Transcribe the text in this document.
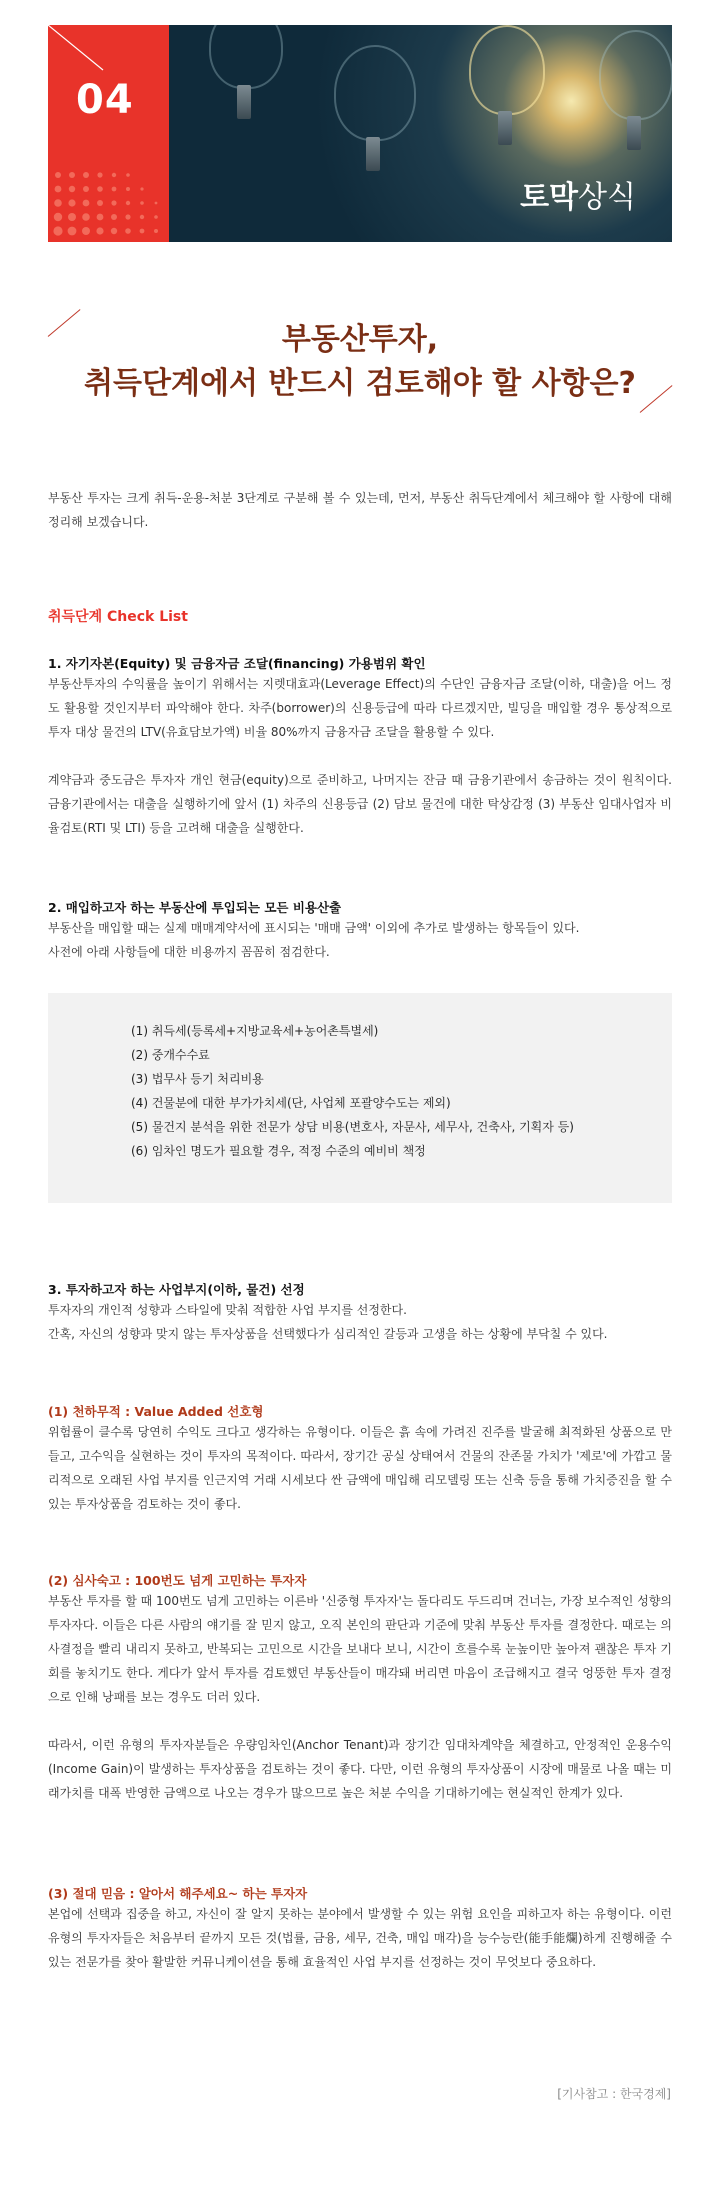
04
토막상식
부동산투자,
취득단계에서 반드시 검토해야 할 사항은?

부동산 투자는 크게 취득-운용-처분 3단계로 구분해 볼 수 있는데, 먼저, 부동산 취득단계에서 체크해야 할 사항에 대해 정리해 보겠습니다.

취득단계 Check List

1. 자기자본(Equity) 및 금융자금 조달(financing) 가용범위 확인

부동산투자의 수익률을 높이기 위해서는 지렛대효과(Leverage Effect)의 수단인 금융자금 조달(이하, 대출)을 어느 정도 활용할 것인지부터 파악해야 한다. 차주(borrower)의 신용등급에 따라 다르겠지만, 빌딩을 매입할 경우 통상적으로 투자 대상 물건의 LTV(유효담보가액) 비율 80%까지 금융자금 조달을 활용할 수 있다.

계약금과 중도금은 투자자 개인 현금(equity)으로 준비하고, 나머지는 잔금 때 금융기관에서 송금하는 것이 원칙이다. 금융기관에서는 대출을 실행하기에 앞서 (1) 차주의 신용등급 (2) 담보 물건에 대한 탁상감정 (3) 부동산 임대사업자 비율검토(RTI 및 LTI) 등을 고려해 대출을 실행한다.

2. 매입하고자 하는 부동산에 투입되는 모든 비용산출

부동산을 매입할 때는 실제 매매계약서에 표시되는 '매매 금액' 이외에 추가로 발생하는 항목들이 있다.

사전에 아래 사항들에 대한 비용까지 꼼꼼히 점검한다.

(1) 취득세(등록세+지방교육세+농어촌특별세)
(2) 중개수수료
(3) 법무사 등기 처리비용
(4) 건물분에 대한 부가가치세(단, 사업체 포괄양수도는 제외)
(5) 물건지 분석을 위한 전문가 상담 비용(변호사, 자문사, 세무사, 건축사, 기획자 등)
(6) 임차인 명도가 필요할 경우, 적정 수준의 예비비 책정

3. 투자하고자 하는 사업부지(이하, 물건) 선정

투자자의 개인적 성향과 스타일에 맞춰 적합한 사업 부지를 선정한다.

간혹, 자신의 성향과 맞지 않는 투자상품을 선택했다가 심리적인 갈등과 고생을 하는 상황에 부닥칠 수 있다.

(1) 천하무적 : Value Added 선호형

위험률이 클수록 당연히 수익도 크다고 생각하는 유형이다. 이들은 흙 속에 가려진 진주를 발굴해 최적화된 상품으로 만들고, 고수익을 실현하는 것이 투자의 목적이다. 따라서, 장기간 공실 상태여서 건물의 잔존물 가치가 '제로'에 가깝고 물리적으로 오래된 사업 부지를 인근지역 거래 시세보다 싼 금액에 매입해 리모델링 또는 신축 등을 통해 가치증진을 할 수 있는 투자상품을 검토하는 것이 좋다.

(2) 심사숙고 : 100번도 넘게 고민하는 투자자

부동산 투자를 할 때 100번도 넘게 고민하는 이른바 '신중형 투자자'는 돌다리도 두드리며 건너는, 가장 보수적인 성향의 투자자다. 이들은 다른 사람의 얘기를 잘 믿지 않고, 오직 본인의 판단과 기준에 맞춰 부동산 투자를 결정한다. 때로는 의사결정을 빨리 내리지 못하고, 반복되는 고민으로 시간을 보내다 보니, 시간이 흐를수록 눈높이만 높아져 괜찮은 투자 기회를 놓치기도 한다. 게다가 앞서 투자를 검토했던 부동산들이 매각돼 버리면 마음이 조급해지고 결국 엉뚱한 투자 결정으로 인해 낭패를 보는 경우도 더러 있다.

따라서, 이런 유형의 투자자분들은 우량임차인(Anchor Tenant)과 장기간 임대차계약을 체결하고, 안정적인 운용수익(Income Gain)이 발생하는 투자상품을 검토하는 것이 좋다. 다만, 이런 유형의 투자상품이 시장에 매물로 나올 때는 미래가치를 대폭 반영한 금액으로 나오는 경우가 많으므로 높은 처분 수익을 기대하기에는 현실적인 한계가 있다.

(3) 절대 믿음 : 알아서 해주세요~ 하는 투자자

본업에 선택과 집중을 하고, 자신이 잘 알지 못하는 분야에서 발생할 수 있는 위험 요인을 피하고자 하는 유형이다. 이런 유형의 투자자들은 처음부터 끝까지 모든 것(법률, 금융, 세무, 건축, 매입 매각)을 능수능란(能手能爛)하게 진행해줄 수 있는 전문가를 찾아 활발한 커뮤니케이션을 통해 효율적인 사업 부지를 선정하는 것이 무엇보다 중요하다.

[기사참고 : 한국경제]
